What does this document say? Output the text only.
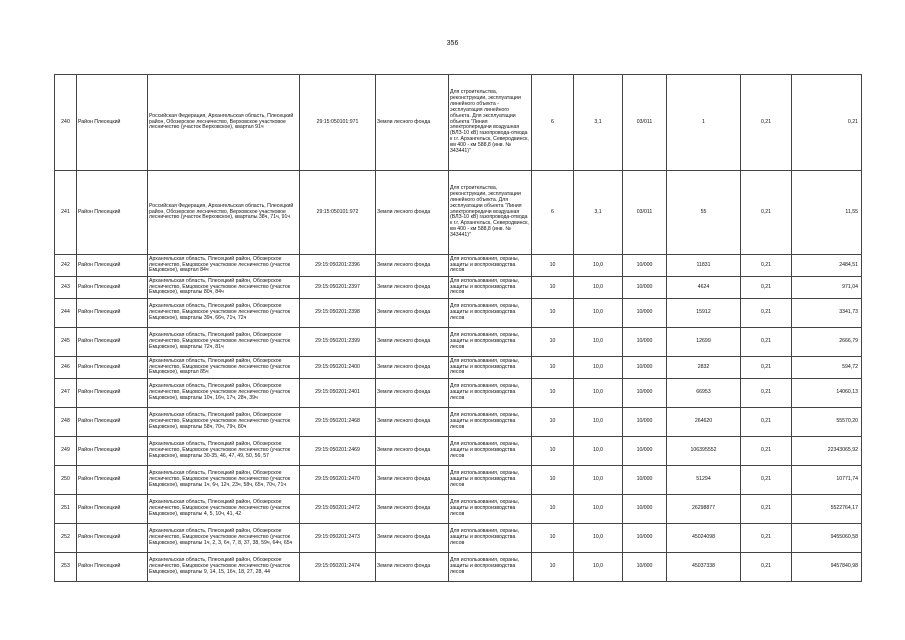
356
240	Район Плесецкий	Российская Федерация, Архангельская область, Плесецкий район, Обозерское лесничество, Верховское участковое лесничество (участок Верховское), квартал 91ч	29:15:050101:971	Земли лесного фонда	Для строительства, реконструкции, эксплуатации линейного объекта - эксплуатация линейного объекта. Для эксплуатации объекта "Линия электропередачи воздушная (ВЛЗ-10 кВ) газопровода-отвода к г.г. Архангельск, Северодвинск, км 400 - км 588,8 (инв. № 343441)"	6	3,1	03/011	1	0,21	0,21
241	Район Плесецкий	Российская Федерация, Архангельская область, Плесецкий район, Обозерское лесничество, Верховское участковое лесничество (участок Верховское), кварталы 38ч, 71ч, 91ч	29:15:050101:972	Земли лесного фонда	Для строительства, реконструкции, эксплуатации линейного объекта. Для эксплуатации объекта "Линия электропередачи воздушная (ВЛЗ-10 кВ) газопровода-отвода к г.г. Архангельск, Северодвинск, км 400 - км 588,8 (инв. № 343441)"	6	3,1	03/011	55	0,21	11,55
242	Район Плесецкий	Архангельская область, Плесецкий район, Обозерское лесничество, Емцовское участковое лесничество (участок Емцовское), квартал 84ч	29:15:050201:2396	Земли лесного фонда	Для использования, охраны, защиты и воспроизводства лесов	10	10,0	10/000	11831	0,21	2484,51
243	Район Плесецкий	Архангельская область, Плесецкий район, Обозерское лесничество, Емцовское участковое лесничество (участок Емцовское), кварталы 80ч, 84ч	29:15:050201:2397	Земли лесного фонда	Для использования, охраны, защиты и воспроизводства лесов	10	10,0	10/000	4624	0,21	971,04
244	Район Плесецкий	Архангельская область, Плесецкий район, Обозерское лесничество, Емцовское участковое лесничество (участок Емцовское), кварталы 39ч, 66ч, 71ч, 72ч	29:15:050201:2398	Земли лесного фонда	Для использования, охраны, защиты и воспроизводства лесов	10	10,0	10/000	15912	0,21	3341,73
245	Район Плесецкий	Архангельская область, Плесецкий район, Обозерское лесничество, Емцовское участковое лесничество (участок Емцовское), кварталы 72ч, 81ч	29:15:050201:2399	Земли лесного фонда	Для использования, охраны, защиты и воспроизводства лесов	10	10,0	10/000	12699	0,21	2666,79
246	Район Плесецкий	Архангельская область, Плесецкий район, Обозерское лесничество, Емцовское участковое лесничество (участок Емцовское), квартал 85ч	29:15:050201:2400	Земли лесного фонда	Для использования, охраны, защиты и воспроизводства лесов	10	10,0	10/000	2832	0,21	594,72
247	Район Плесецкий	Архангельская область, Плесецкий район, Обозерское лесничество, Емцовское участковое лесничество (участок Емцовское), кварталы 10ч, 16ч, 17ч, 28ч, 39ч	29:15:050201:2401	Земли лесного фонда	Для использования, охраны, защиты и воспроизводства лесов	10	10,0	10/000	66953	0,21	14060,13
248	Район Плесецкий	Архангельская область, Плесецкий район, Обозерское лесничество, Емцовское участковое лесничество (участок Емцовское), кварталы 58ч, 70ч, 79ч, 80ч	29:15:050201:2468	Земли лесного фонда	Для использования, охраны, защиты и воспроизводства лесов	10	10,0	10/000	264620	0,21	55570,20
249	Район Плесецкий	Архангельская область, Плесецкий район, Обозерское лесничество, Емцовское участковое лесничество (участок Емцовское), кварталы 30-35, 46, 47, 49, 50, 56, 57	29:15:050201:2469	Земли лесного фонда	Для использования, охраны, защиты и воспроизводства лесов	10	10,0	10/000	106395552	0,21	22343065,92
250	Район Плесецкий	Архангельская область, Плесецкий район, Обозерское лесничество, Емцовское участковое лесничество (участок Емцовское), кварталы 1ч, 6ч, 12ч, 23ч, 58ч, 65ч, 70ч, 71ч	29:15:050201:2470	Земли лесного фонда	Для использования, охраны, защиты и воспроизводства лесов	10	10,0	10/000	51294	0,21	10771,74
251	Район Плесецкий	Архангельская область, Плесецкий район, Обозерское лесничество, Емцовское участковое лесничество (участок Емцовское), кварталы 4, 5, 10ч, 41, 42	29:15:050201:2472	Земли лесного фонда	Для использования, охраны, защиты и воспроизводства лесов	10	10,0	10/000	26298877	0,21	5522764,17
252	Район Плесецкий	Архангельская область, Плесецкий район, Обозерское лесничество, Емцовское участковое лесничество (участок Емцовское), кварталы 1ч, 2, 3, 6ч, 7, 8, 37, 38, 59ч, 64ч, 65ч	29:15:050201:2473	Земли лесного фонда	Для использования, охраны, защиты и воспроизводства лесов	10	10,0	10/000	45024098	0,21	9455060,58
253	Район Плесецкий	Архангельская область, Плесецкий район, Обозерское лесничество, Емцовское участковое лесничество (участок Емцовское), кварталы 9, 14, 15, 16ч, 18, 27, 28, 44	29:15:050201:2474	Земли лесного фонда	Для использования, охраны, защиты и воспроизводства лесов	10	10,0	10/000	45037338	0,21	9457840,98
